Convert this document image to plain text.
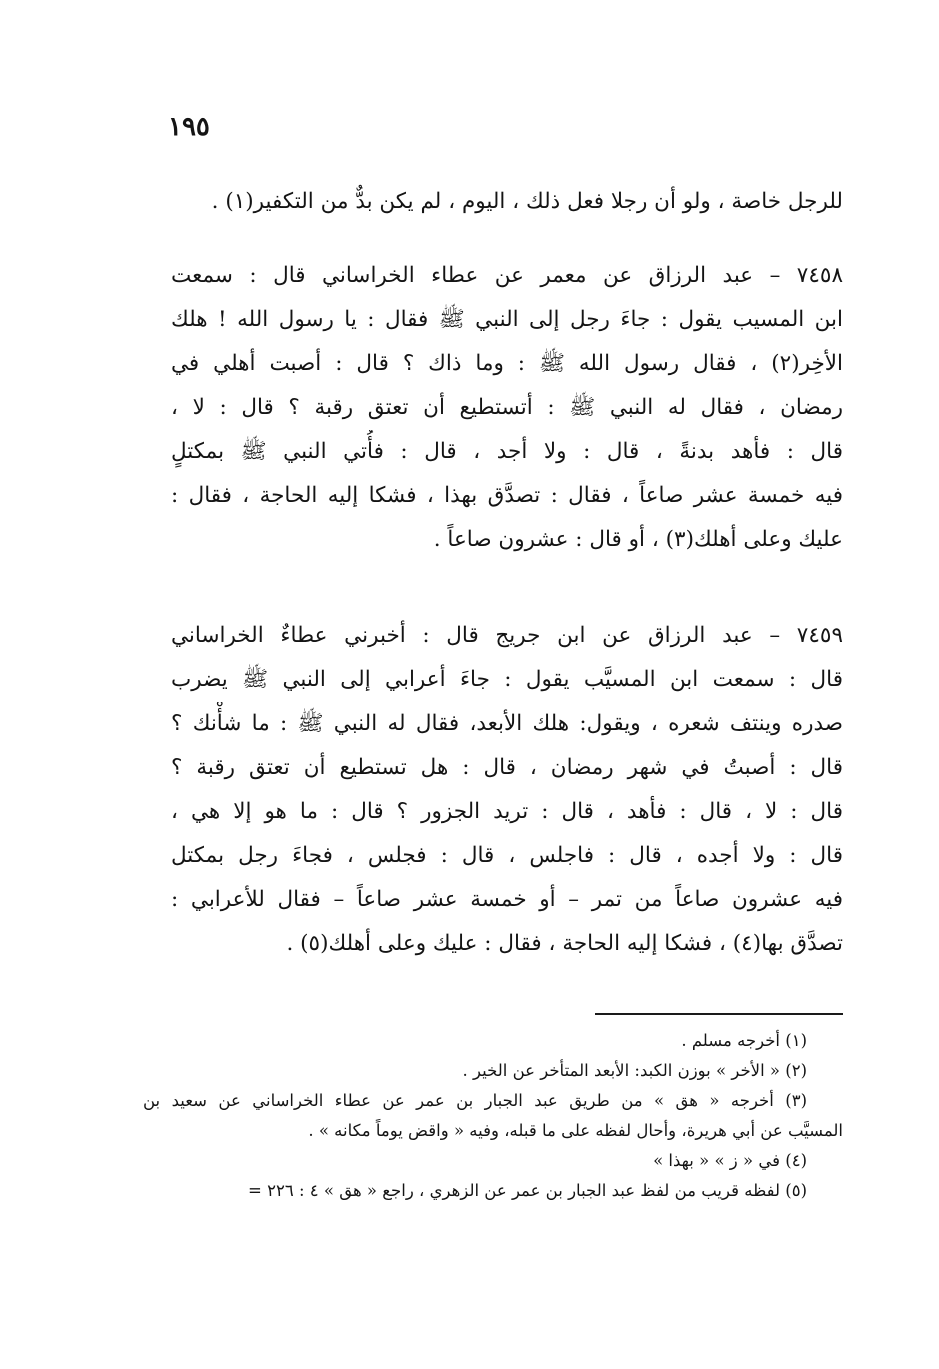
١٩٥
للرجل خاصة ، ولو أن رجلا فعل ذلك ، اليوم ، لم يكن بدٌّ من التكفير(١) .
٧٤٥٨ – عبد الرزاق عن معمر عن عطاء الخراساني قال : سمعت
ابن المسيب يقول : جاءَ رجل إلى النبي ﷺ فقال : يا رسول الله ! هلك
الأخِر(٢) ، فقال رسول الله ﷺ : وما ذاك ؟ قال : أصبت أهلي في
رمضان ، فقال له النبي ﷺ : أتستطيع أن تعتق رقبة ؟ قال : لا ،
قال : فأهد بدنةً ، قال : ولا أجد ، قال : فأُتي النبي ﷺ بمكتلٍ
فيه خمسة عشر صاعاً ، فقال : تصدَّق بهذا ، فشكا إليه الحاجة ، فقال :
عليك وعلى أهلك(٣) ، أو قال : عشرون صاعاً .
٧٤٥٩ – عبد الرزاق عن ابن جريج قال : أخبرني عطاءٌ الخراساني
قال : سمعت ابن المسيَّب يقول : جاءَ أعرابي إلى النبي ﷺ يضرب
صدره وينتف شعره ، ويقول: هلك الأبعد، فقال له النبي ﷺ : ما شأْنك ؟
قال : أصبتُ في شهر رمضان ، قال : هل تستطيع أن تعتق رقبة ؟
قال : لا ، قال : فأهد ، قال : تريد الجزور ؟ قال : ما هو إلا هي ،
قال : ولا أجده ، قال : فاجلس ، قال : فجلس ، فجاءَ رجل بمكتل
فيه عشرون صاعاً من تمر – أو خمسة عشر صاعاً – فقال للأعرابي :
تصدَّق بها(٤) ، فشكا إليه الحاجة ، فقال : عليك وعلى أهلك(٥) .
(١) أخرجه مسلم .
(٢) « الأخر » بوزن الكبد: الأبعد المتأخر عن الخير .
(٣) أخرجه « هق » من طريق عبد الجبار بن عمر عن عطاء الخراساني عن سعيد بن
المسيَّب عن أبي هريرة، وأحال لفظه على ما قبله، وفيه « واقض يوماً مكانه » .
(٤) في « ز » « بهذا »
(٥) لفظه قريب من لفظ عبد الجبار بن عمر عن الزهري ، راجع « هق » ٤ : ٢٢٦ =
